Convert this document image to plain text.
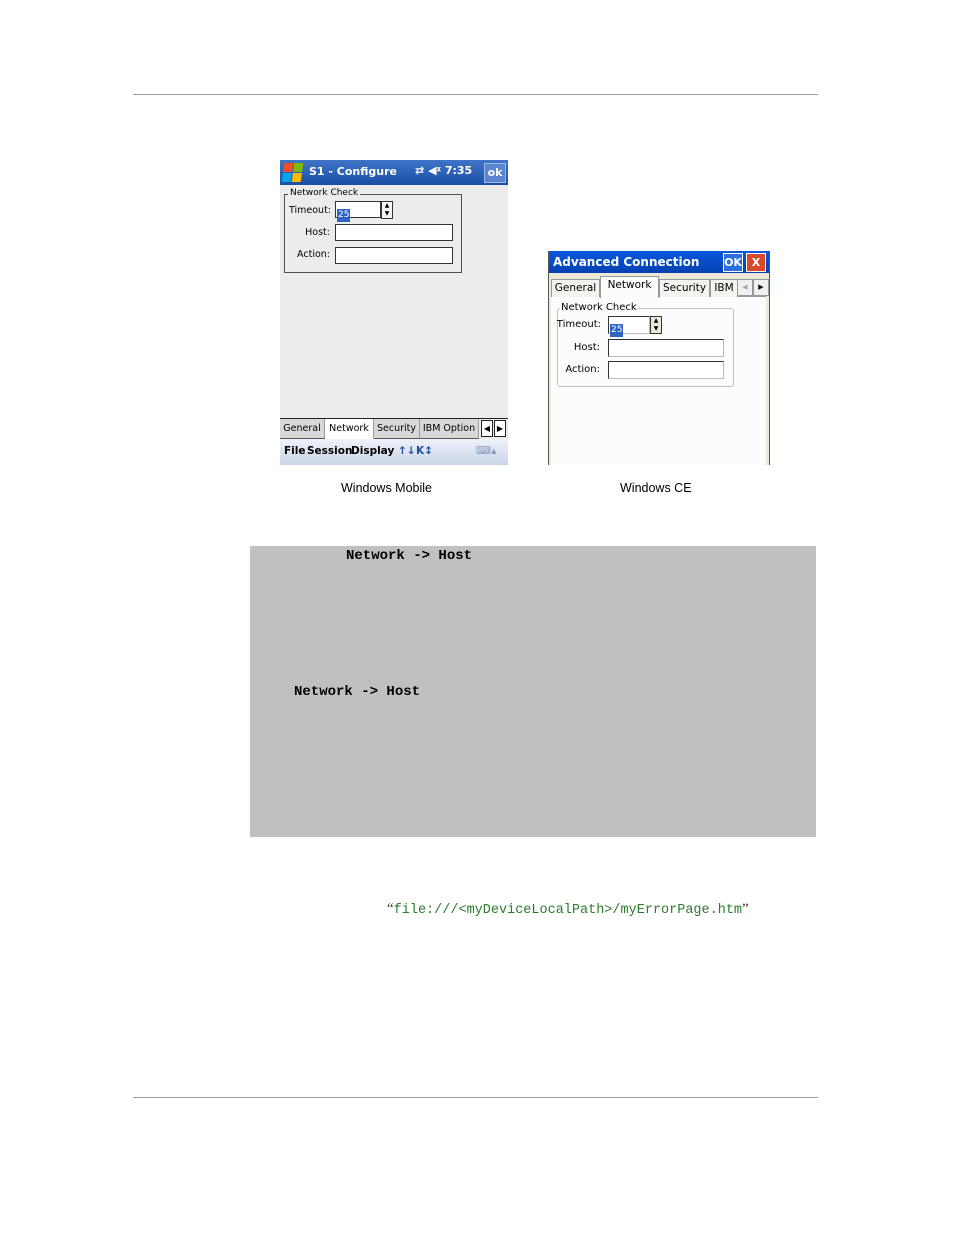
S1 - Configure ⇄ ◀ᵡ 7:35	ok
Network Check
Timeout: 25
▲
▼
Host:
Action:
General Network Security IBM Option	◀ ▶
File Session
Display ↑↓ K↕	⌨▴
Advanced Connection OK X
General	Network	Security IBM	◀	▶
Network Check
Timeout:	25
▲
▼
Host:
Action:
Windows Mobile	Windows CE
Network -> Host
Network -> Host
“file:///<myDeviceLocalPath>/myErrorPage.htm”
